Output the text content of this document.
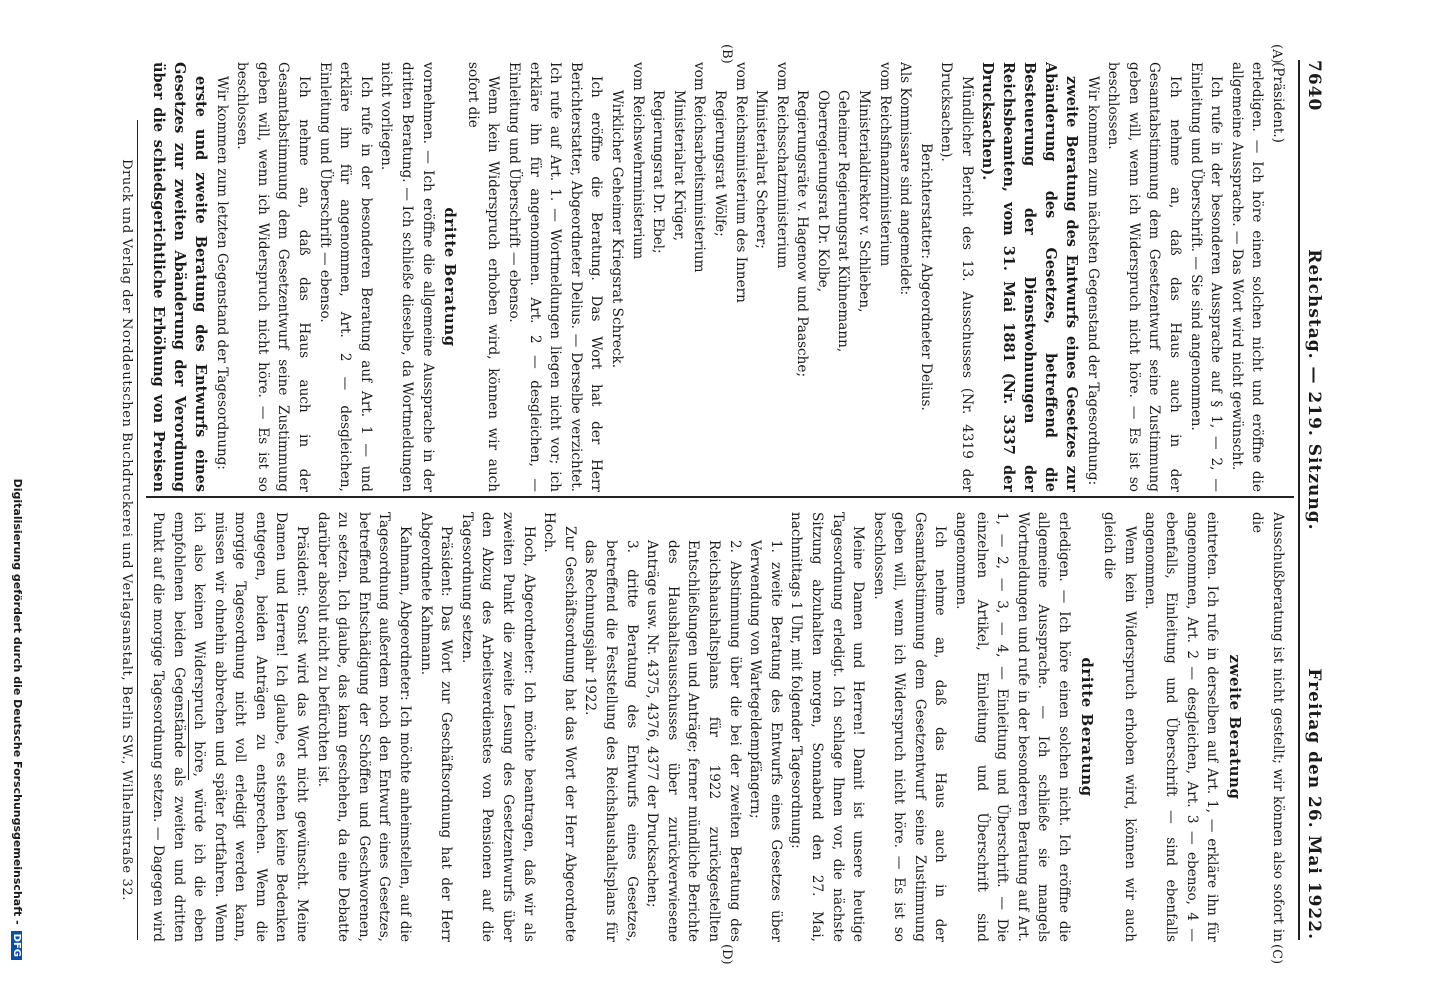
7640
Reichstag. — 219. Sitzung.
Freitag den 26. Mai 1922.
(A)
(B)
(C)
(D)

(Präsident.)

erledigen. — Ich höre einen solchen nicht und eröffne die allgemeine Aussprache. — Das Wort wird nicht gewünscht.

Ich rufe in der besonderen Aussprache auf § 1, — 2, — Einleitung und Überschrift. — Sie sind angenommen.

Ich nehme an, daß das Haus auch in der Gesamtabstimmung dem Gesetzentwurf seine Zustimmung geben will, wenn ich Widerspruch nicht höre. — Es ist so beschlossen.

Wir kommen zum nächsten Gegenstand der Tagesordnung:

zweite Beratung des Entwurfs eines Gesetzes zur Abänderung des Gesetzes, betreffend die Besteuerung der Dienstwohnungen der Reichsbeamten, vom 31. Mai 1881 (Nr. 3337 der Drucksachen).

Mündlicher Bericht des 13. Ausschusses (Nr. 4319 der Drucksachen).

Berichterstatter: Abgeordneter Delius.

Als Kommissare sind angemeldet:

vom Reichsfinanzministerium

Ministerialdirektor v. Schlieben,

Geheimer Regierungsrat Kühnemann,

Oberregierungsrat Dr. Kolbe,

Regierungsräte v. Hagenow und Paasche;

vom Reichsschatzministerium

Ministerialrat Scherer;

vom Reichsministerium des Innern

Regierungsrat Wölfe;

vom Reichsarbeitsministerium

Ministerialrat Krüger,

Regierungsrat Dr. Ebel;

vom Reichswehrministerium

Wirklicher Geheimer Kriegsrat Schreck.

Ich eröffne die Beratung. Das Wort hat der Herr Berichterstatter, Abgeordneter Delius. — Derselbe verzichtet. Ich rufe auf Art. 1. — Wortmeldungen liegen nicht vor; ich erkläre ihn für angenommen. Art. 2 — desgleichen, — Einleitung und Überschrift — ebenso.

Wenn kein Widerspruch erhoben wird, können wir auch sofort die

dritte Beratung

vornehmen. — Ich eröffne die allgemeine Aussprache in der dritten Beratung. — Ich schließe dieselbe, da Wortmeldungen nicht vorliegen.

Ich rufe in der besonderen Beratung auf Art. 1 — und erkläre ihn für angenommen, Art. 2 — desgleichen, Einleitung und Überschrift — ebenso.

Ich nehme an, daß das Haus auch in der Gesamtabstimmung dem Gesetzentwurf seine Zustimmung geben will, wenn ich Widerspruch nicht höre. — Es ist so beschlossen.

Wir kommen zum letzten Gegenstand der Tagesordnung:

erste und zweite Beratung des Entwurfs eines Gesetzes zur zweiten Abänderung der Verordnung über die schiedsgerichtliche Erhöhung von Preisen

Ausschußberatung ist nicht gestellt; wir können also sofort in die

zweite Beratung

eintreten. Ich rufe in derselben auf Art. 1, — erkläre ihn für angenommen, Art. 2 — desgleichen, Art. 3 — ebenso, 4 — ebenfalls, Einleitung und Überschrift — sind ebenfalls angenommen.

Wenn kein Widerspruch erhoben wird, können wir auch gleich die

dritte Beratung

erledigen. — Ich höre einen solchen nicht. Ich eröffne die allgemeine Aussprache. — Ich schließe sie mangels Wortmeldungen und rufe in der besonderen Beratung auf Art. 1, — 2, — 3, — 4, — Einleitung und Überschrift. — Die einzelnen Artikel, Einleitung und Überschrift sind angenommen.

Ich nehme an, daß das Haus auch in der Gesamtabstimmung dem Gesetzentwurf seine Zustimmung geben will, wenn ich Widerspruch nicht höre. — Es ist so beschlossen.

Meine Damen und Herren! Damit ist unsere heutige Tagesordnung erledigt. Ich schlage Ihnen vor, die nächste Sitzung abzuhalten morgen, Sonnabend den 27. Mai, nachmittags 1 Uhr, mit folgender Tagesordnung:

1. zweite Beratung des Entwurfs eines Gesetzes über Verwendung von Wartegeldempfängern;

2. Abstimmung über die bei der zweiten Beratung des Reichshaushaltsplans für 1922 zurückgestellten Entschließungen und Anträge; ferner mündliche Berichte des Haushaltsausschusses über zurückverwiesene Anträge usw. Nr. 4375, 4376, 4377 der Drucksachen;

3. dritte Beratung des Entwurfs eines Gesetzes, betreffend die Feststellung des Reichshaushaltsplans für das Rechnungsjahr 1922.

Zur Geschäftsordnung hat das Wort der Herr Abgeordnete Hoch.

Hoch, Abgeordneter: Ich möchte beantragen, daß wir als zweiten Punkt die zweite Lesung des Gesetzentwurfs über den Abzug des Arbeitsverdienstes von Pensionen auf die Tagesordnung setzen.

Präsident: Das Wort zur Geschäftsordnung hat der Herr Abgeordnete Kahmann.

Kahmann, Abgeordneter: Ich möchte anheimstellen, auf die Tagesordnung außerdem noch den Entwurf eines Gesetzes, betreffend Entschädigung der Schöffen und Geschworenen, zu setzen. Ich glaube, das kann geschehen, da eine Debatte darüber absolut nicht zu befürchten ist.

Präsident: Sonst wird das Wort nicht gewünscht. Meine Damen und Herren! Ich glaube, es stehen keine Bedenken entgegen, beiden Anträgen zu entsprechen. Wenn die morgige Tagesordnung nicht voll erledigt werden kann, müssen wir ohnehin abbrechen und später fortfahren. Wenn ich also keinen Widerspruch höre, würde ich die eben empfohlenen beiden Gegenstände als zweiten und dritten Punkt auf die morgige Tagesordnung setzen. — Dagegen wird

Druck und Verlag der Norddeutschen Buchdruckerei und Verlagsanstalt, Berlin SW., Wilhelmstraße 32.
Digitalisierung gefördert durch die Deutsche Forschungsgemeinschaft -DFG
